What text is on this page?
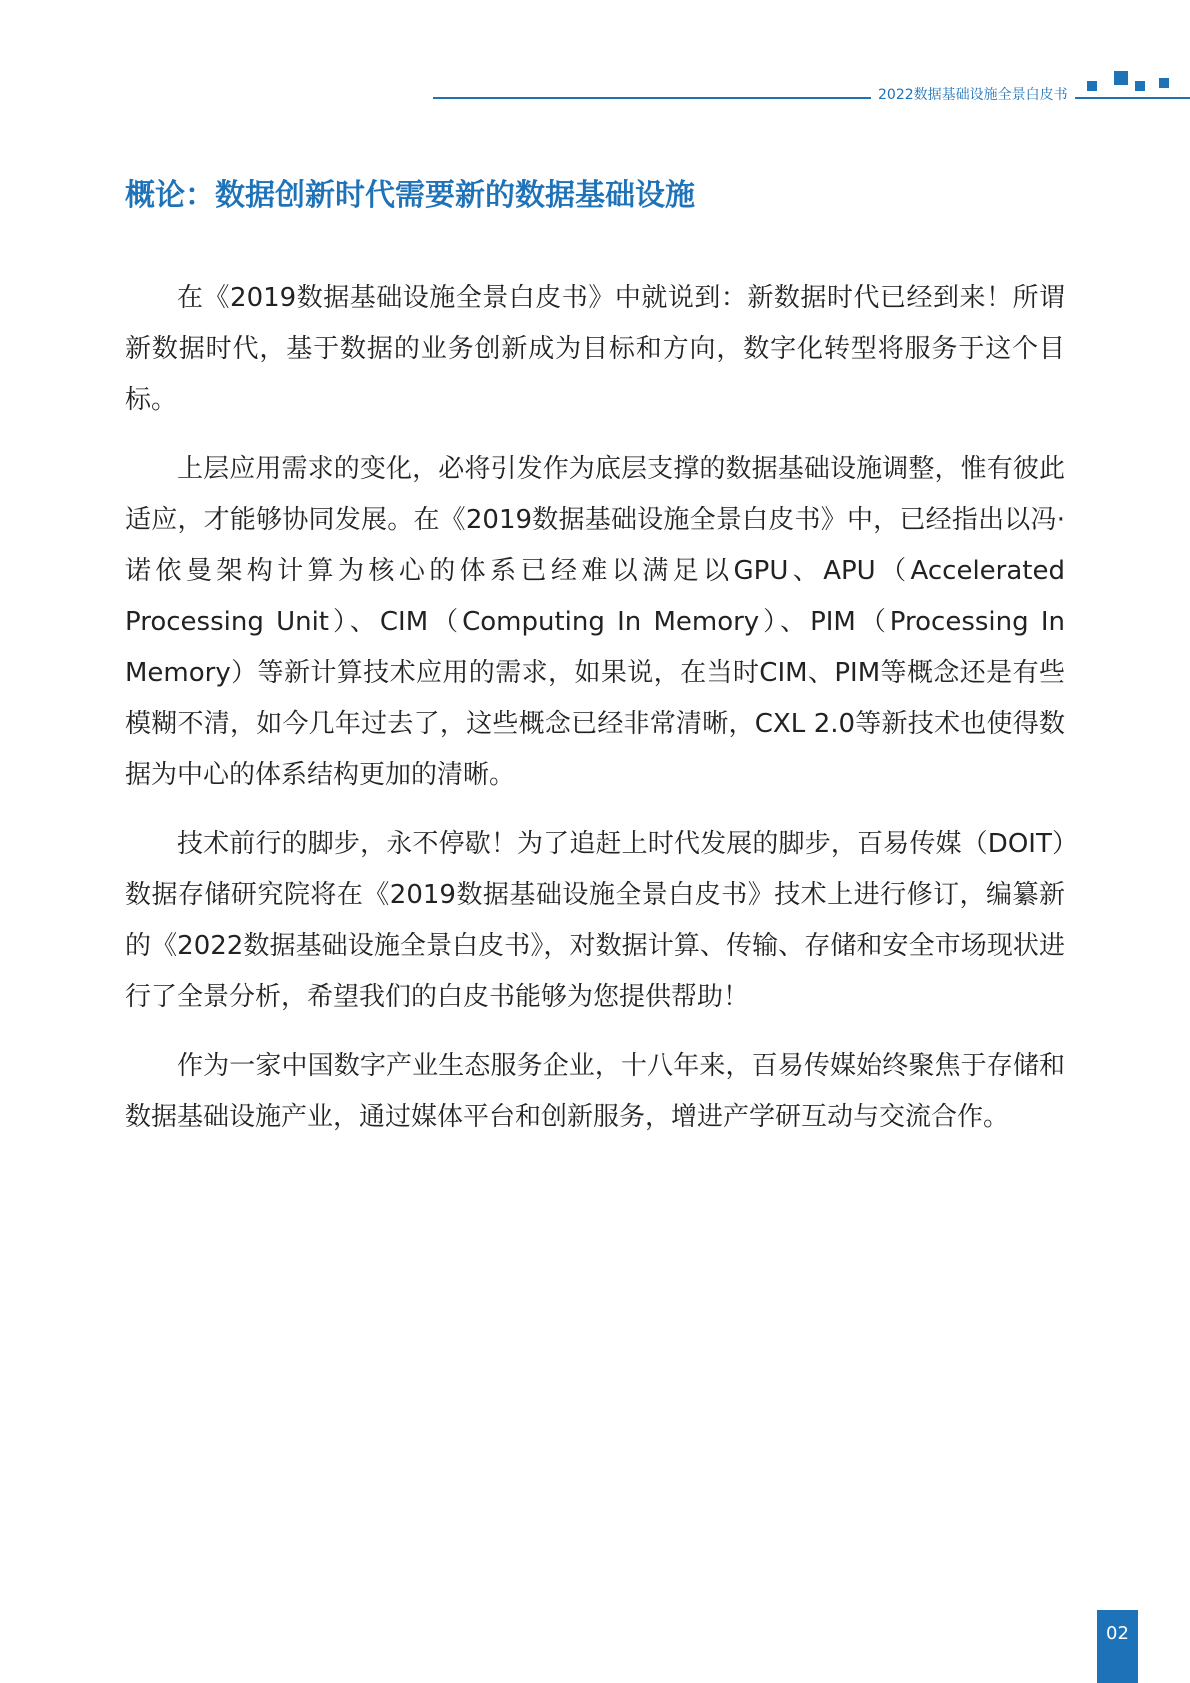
2022数据基础设施全景白皮书
概论：数据创新时代需要新的数据基础设施

在《2019数据基础设施全景白皮书》中就说到：新数据时代已经到来！所谓新数据时代，基于数据的业务创新成为目标和方向，数字化转型将服务于这个目标。

上层应用需求的变化，必将引发作为底层支撑的数据基础设施调整，惟有彼此适应，才能够协同发展。在《2019数据基础设施全景白皮书》中，已经指出以冯·诺依曼架构计算为核心的体系已经难以满足以GPU、APU（Accelerated Processing Unit）、CIM（Computing In Memory）、PIM（Processing In Memory）等新计算技术应用的需求，如果说，在当时CIM、PIM等概念还是有些模糊不清，如今几年过去了，这些概念已经非常清晰，CXL 2.0等新技术也使得数据为中心的体系结构更加的清晰。

技术前行的脚步，永不停歇！为了追赶上时代发展的脚步，百易传媒（DOIT）数据存储研究院将在《2019数据基础设施全景白皮书》技术上进行修订，编纂新的《2022数据基础设施全景白皮书》，对数据计算、传输、存储和安全市场现状进行了全景分析，希望我们的白皮书能够为您提供帮助！

作为一家中国数字产业生态服务企业，十八年来，百易传媒始终聚焦于存储和数据基础设施产业，通过媒体平台和创新服务，增进产学研互动与交流合作。

02
